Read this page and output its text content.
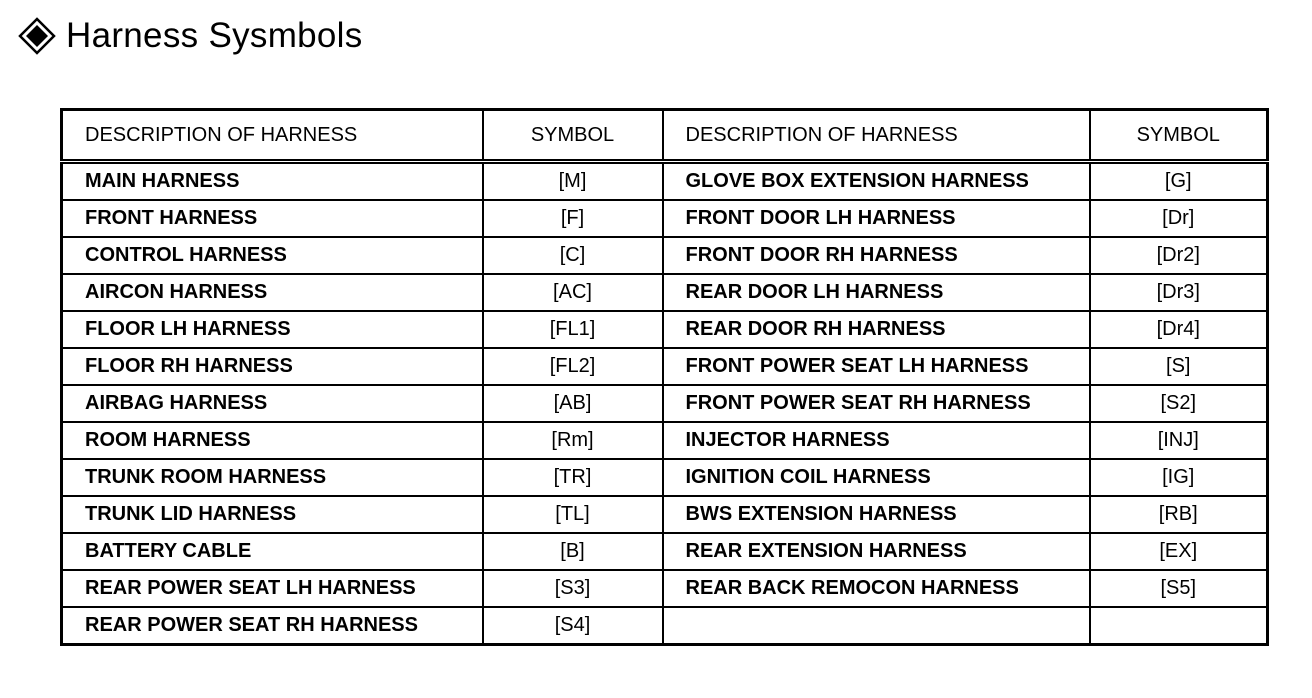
Harness Sysmbols
DESCRIPTION OF HARNESS	SYMBOL	DESCRIPTION OF HARNESS	SYMBOL
MAIN HARNESS	[M]	GLOVE BOX EXTENSION HARNESS	[G]
FRONT HARNESS	[F]	FRONT DOOR LH HARNESS	[Dr]
CONTROL HARNESS	[C]	FRONT DOOR RH HARNESS	[Dr2]
AIRCON HARNESS	[AC]	REAR DOOR LH HARNESS	[Dr3]
FLOOR LH HARNESS	[FL1]	REAR DOOR RH HARNESS	[Dr4]
FLOOR RH HARNESS	[FL2]	FRONT POWER SEAT LH HARNESS	[S]
AIRBAG HARNESS	[AB]	FRONT POWER SEAT RH HARNESS	[S2]
ROOM HARNESS	[Rm]	INJECTOR HARNESS	[INJ]
TRUNK ROOM HARNESS	[TR]	IGNITION COIL HARNESS	[IG]
TRUNK LID HARNESS	[TL]	BWS EXTENSION HARNESS	[RB]
BATTERY CABLE	[B]	REAR EXTENSION HARNESS	[EX]
REAR POWER SEAT LH HARNESS	[S3]	REAR BACK REMOCON HARNESS	[S5]
REAR POWER SEAT RH HARNESS	[S4]		
